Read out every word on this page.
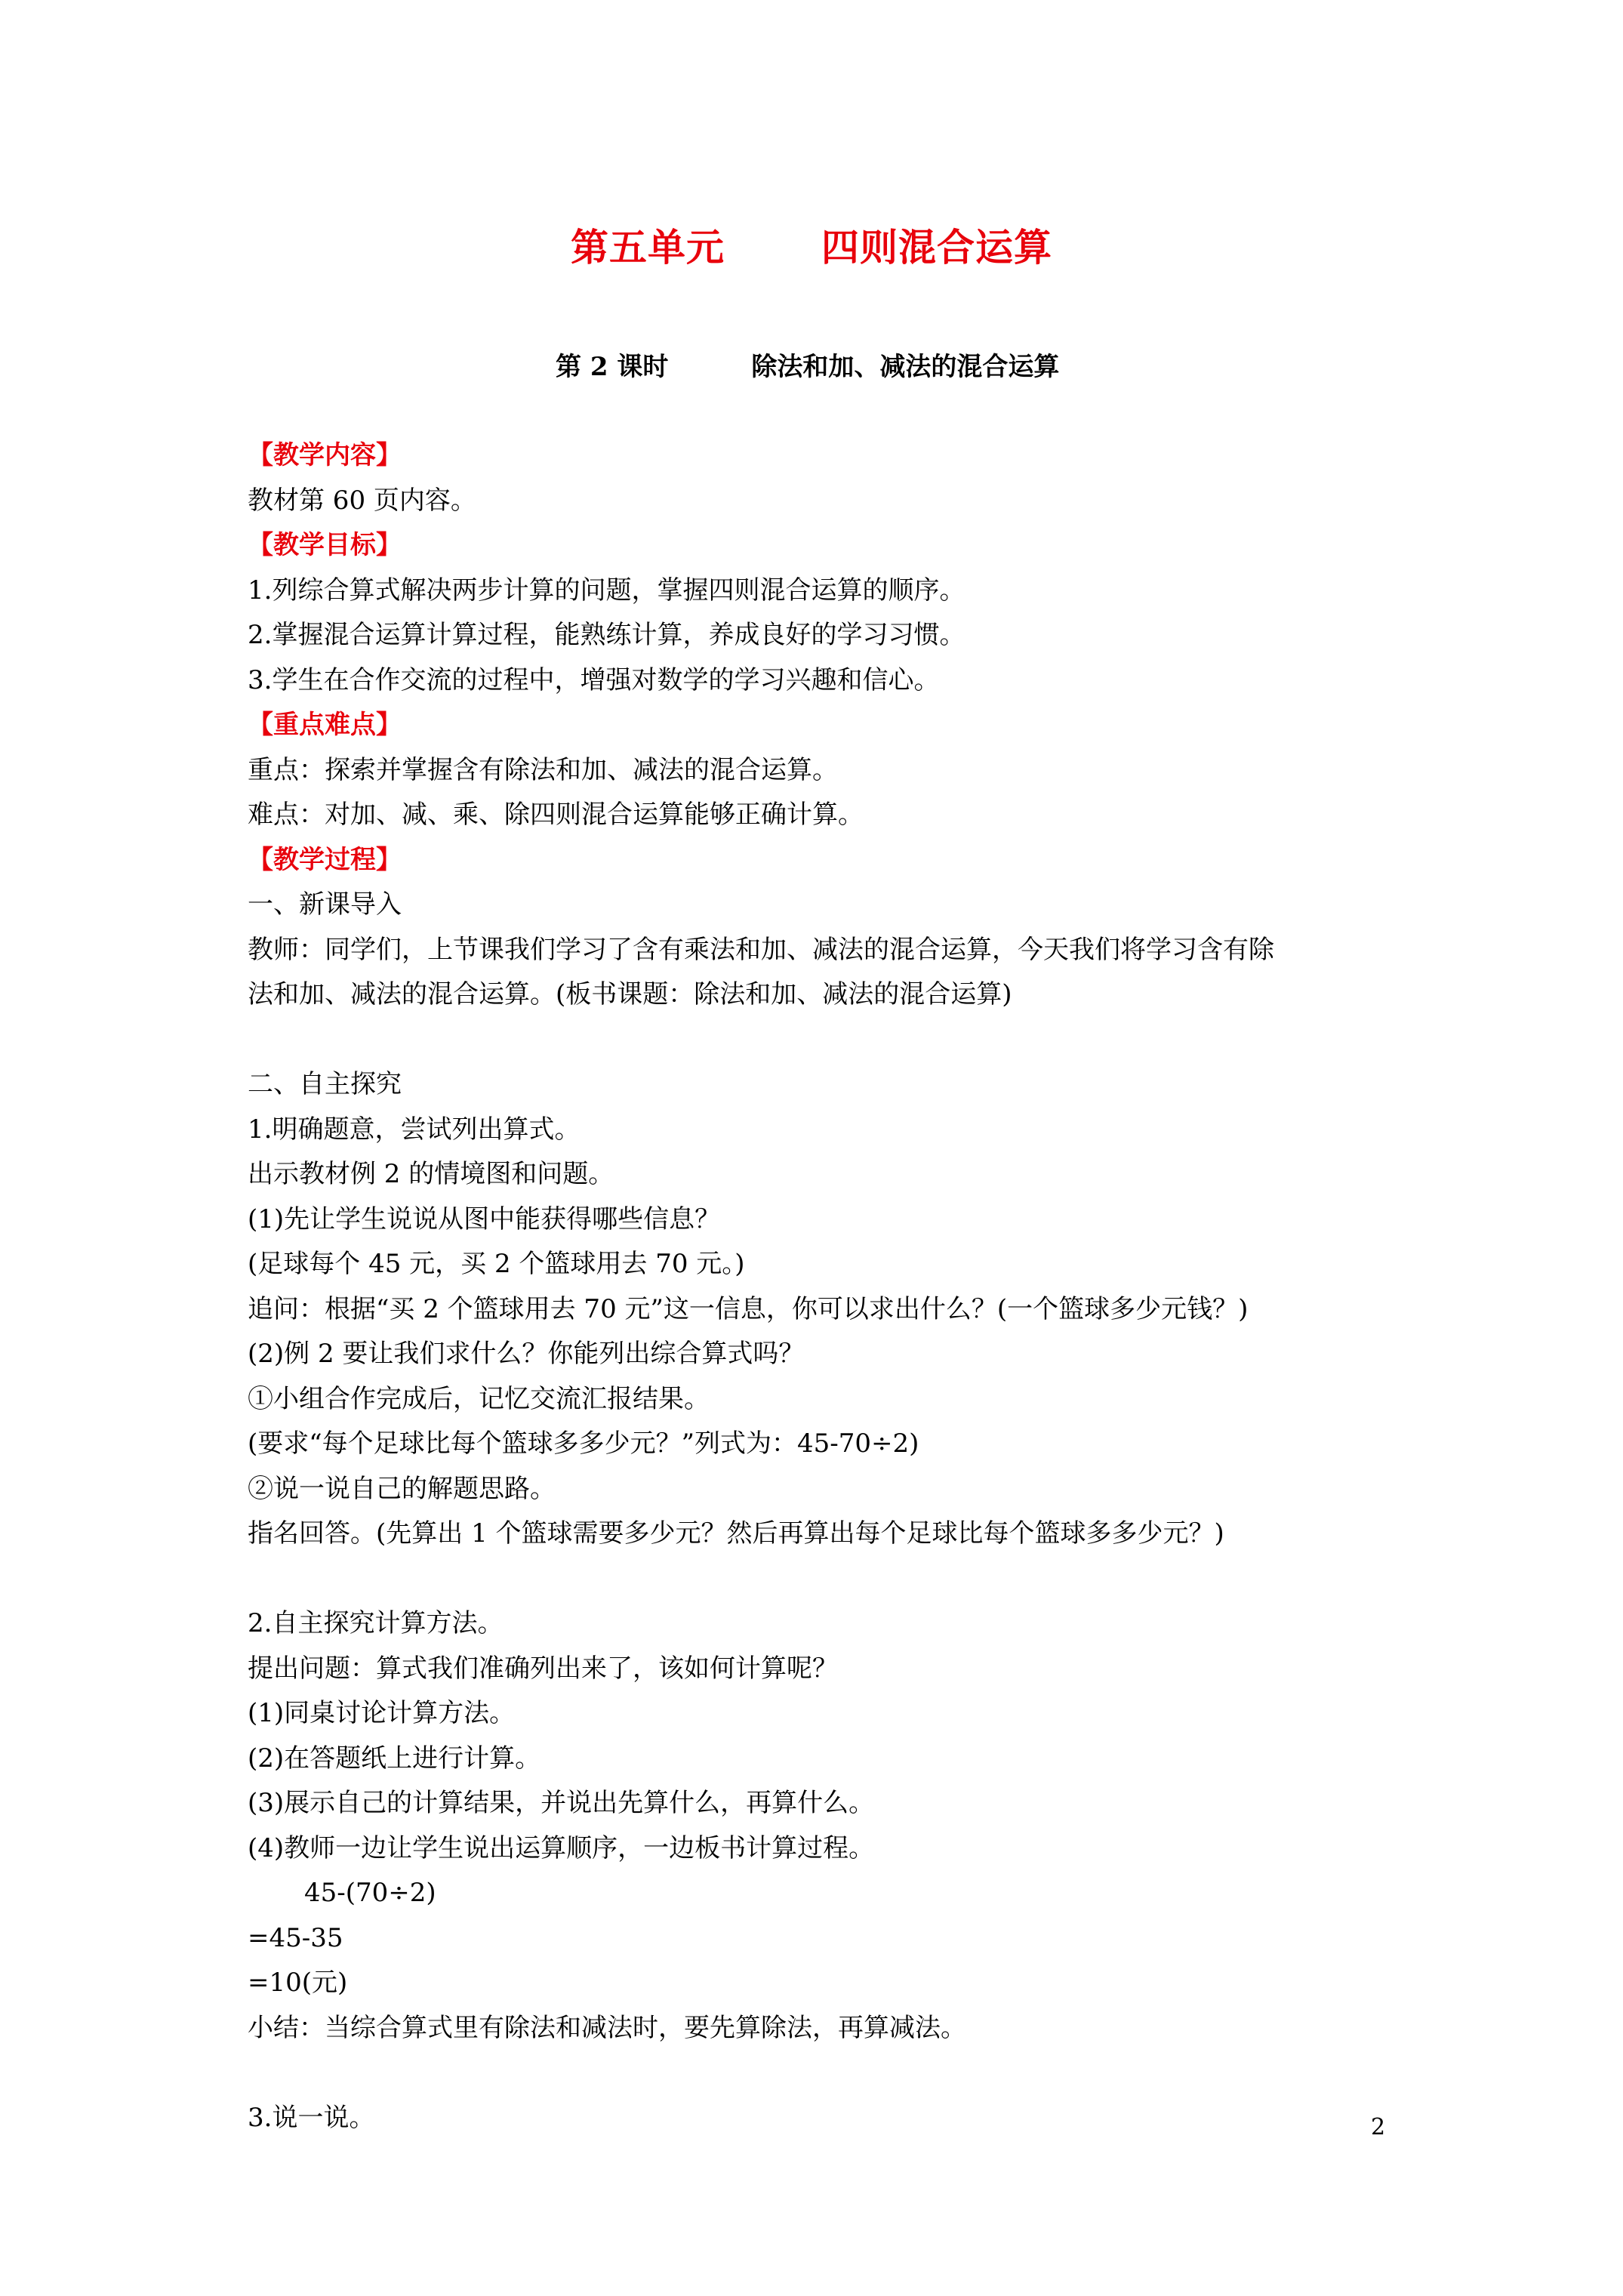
第五单元	四则混合运算
第 2 课时	除法和加、减法的混合运算
【教学内容】
教材第 60 页内容。
【教学目标】
1.列综合算式解决两步计算的问题，掌握四则混合运算的顺序。
2.掌握混合运算计算过程，能熟练计算，养成良好的学习习惯。
3.学生在合作交流的过程中，增强对数学的学习兴趣和信心。
【重点难点】
重点：探索并掌握含有除法和加、减法的混合运算。
难点：对加、减、乘、除四则混合运算能够正确计算。
【教学过程】
一、新课导入
教师：同学们，上节课我们学习了含有乘法和加、减法的混合运算，今天我们将学习含有除
法和加、减法的混合运算。(板书课题：除法和加、减法的混合运算)
二、自主探究
1.明确题意，尝试列出算式。
出示教材例 2 的情境图和问题。
(1)先让学生说说从图中能获得哪些信息？
(足球每个 45 元，买 2 个篮球用去 70 元。)
追问：根据“买 2 个篮球用去 70 元”这一信息，你可以求出什么？(一个篮球多少元钱？)
(2)例 2 要让我们求什么？你能列出综合算式吗？
①小组合作完成后，记忆交流汇报结果。
(要求“每个足球比每个篮球多多少元？”列式为：45-70÷2)
②说一说自己的解题思路。
指名回答。(先算出 1 个篮球需要多少元？然后再算出每个足球比每个篮球多多少元？)
2.自主探究计算方法。
提出问题：算式我们准确列出来了，该如何计算呢？
(1)同桌讨论计算方法。
(2)在答题纸上进行计算。
(3)展示自己的计算结果，并说出先算什么，再算什么。
(4)教师一边让学生说出运算顺序，一边板书计算过程。
45-(70÷2)
=45-35
=10(元)
小结：当综合算式里有除法和减法时，要先算除法，再算减法。
3.说一说。	2
